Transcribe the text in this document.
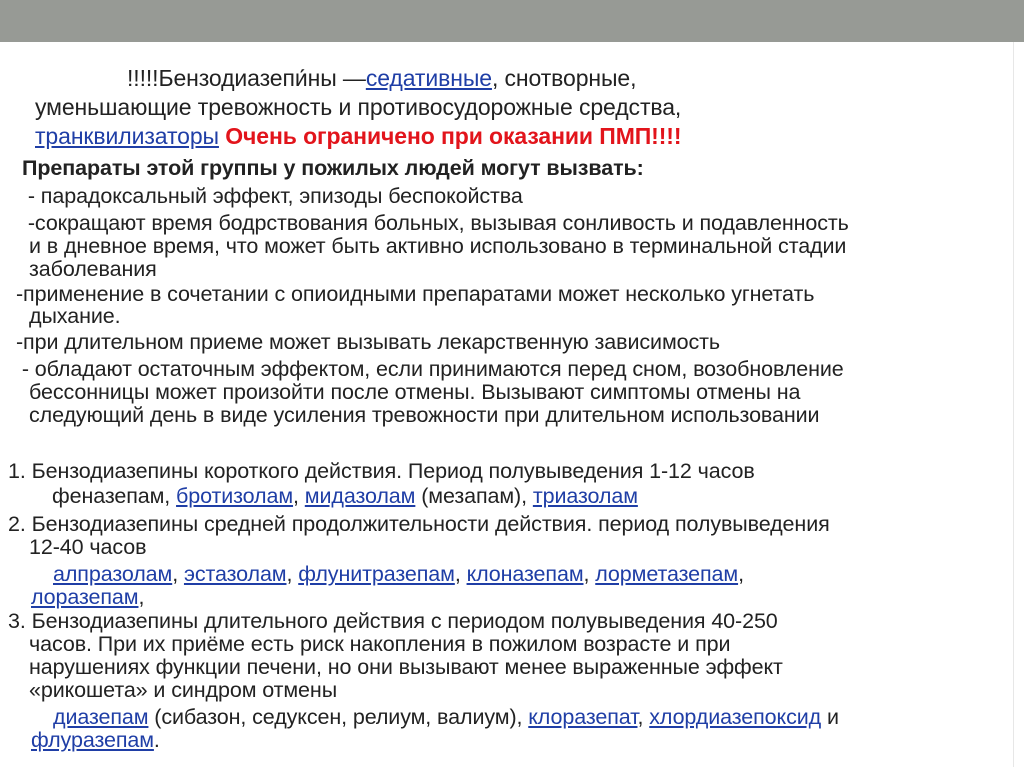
!!!!!Бензодиазепи́ны —седативные, снотворные,
уменьшающие тревожность и противосудорожные средства,
транквилизаторы Очень ограничено при оказании ПМП!!!!
Препараты этой группы у пожилых людей могут вызвать:
- парадоксальный эффект, эпизоды беспокойства
-сокращают время бодрствования больных, вызывая сонливость и подавленность
и в дневное время, что может быть активно использовано в терминальной стадии
заболевания
-применение в сочетании с опиоидными препаратами может несколько угнетать
дыхание.
-при длительном приеме может вызывать лекарственную зависимость
- обладают остаточным эффектом, если принимаются перед сном, возобновление
бессонницы может произойти после отмены. Вызывают симптомы отмены на
следующий день в виде усиления тревожности при длительном использовании
1. Бензодиазепины короткого действия. Период полувыведения 1-12 часов
феназепам, бротизолам, мидазолам (мезапам), триазолам
2. Бензодиазепины средней продолжительности действия. период полувыведения
12-40 часов
алпразолам, эстазолам, флунитразепам, клоназепам, лорметазепам,
лоразепам,
3. Бензодиазепины длительного действия с периодом полувыведения 40-250
часов. При их приёме есть риск накопления в пожилом возрасте и при
нарушениях функции печени, но они вызывают менее выраженные эффект
«рикошета» и синдром отмены
диазепам (сибазон, седуксен, релиум, валиум), клоразепат, хлордиазепоксид и
флуразепам.
